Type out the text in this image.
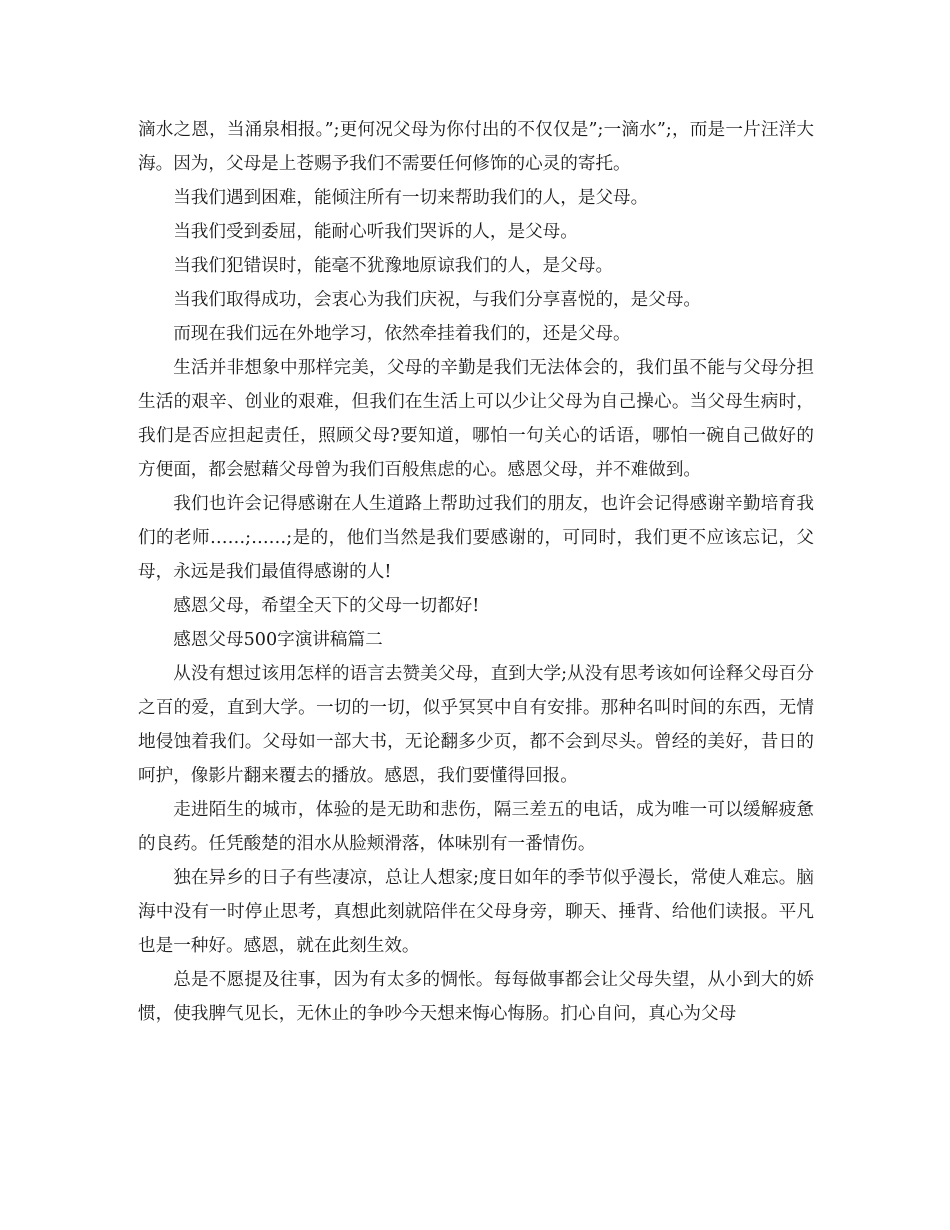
滴水之恩，当涌泉相报。”;更何况父母为你付出的不仅仅是”;一滴水”;，而是一片汪洋大海。因为，父母是上苍赐予我们不需要任何修饰的心灵的寄托。

当我们遇到困难，能倾注所有一切来帮助我们的人，是父母。

当我们受到委屈，能耐心听我们哭诉的人，是父母。

当我们犯错误时，能毫不犹豫地原谅我们的人，是父母。

当我们取得成功，会衷心为我们庆祝，与我们分享喜悦的，是父母。

而现在我们远在外地学习，依然牵挂着我们的，还是父母。

生活并非想象中那样完美，父母的辛勤是我们无法体会的，我们虽不能与父母分担生活的艰辛、创业的艰难，但我们在生活上可以少让父母为自己操心。当父母生病时，我们是否应担起责任，照顾父母?要知道，哪怕一句关心的话语，哪怕一碗自己做好的方便面，都会慰藉父母曾为我们百般焦虑的心。感恩父母，并不难做到。

我们也许会记得感谢在人生道路上帮助过我们的朋友，也许会记得感谢辛勤培育我们的老师……;……;是的，他们当然是我们要感谢的，可同时，我们更不应该忘记，父母，永远是我们最值得感谢的人!

感恩父母，希望全天下的父母一切都好!

感恩父母500字演讲稿篇二

从没有想过该用怎样的语言去赞美父母，直到大学;从没有思考该如何诠释父母百分之百的爱，直到大学。一切的一切，似乎冥冥中自有安排。那种名叫时间的东西，无情地侵蚀着我们。父母如一部大书，无论翻多少页，都不会到尽头。曾经的美好，昔日的呵护，像影片翻来覆去的播放。感恩，我们要懂得回报。

走进陌生的城市，体验的是无助和悲伤，隔三差五的电话，成为唯一可以缓解疲惫的良药。任凭酸楚的泪水从脸颊滑落，体味别有一番情伤。

独在异乡的日子有些凄凉，总让人想家;度日如年的季节似乎漫长，常使人难忘。脑海中没有一时停止思考，真想此刻就陪伴在父母身旁，聊天、捶背、给他们读报。平凡也是一种好。感恩，就在此刻生效。

总是不愿提及往事，因为有太多的惆怅。每每做事都会让父母失望，从小到大的娇惯，使我脾气见长，无休止的争吵今天想来悔心悔肠。扪心自问，真心为父母
